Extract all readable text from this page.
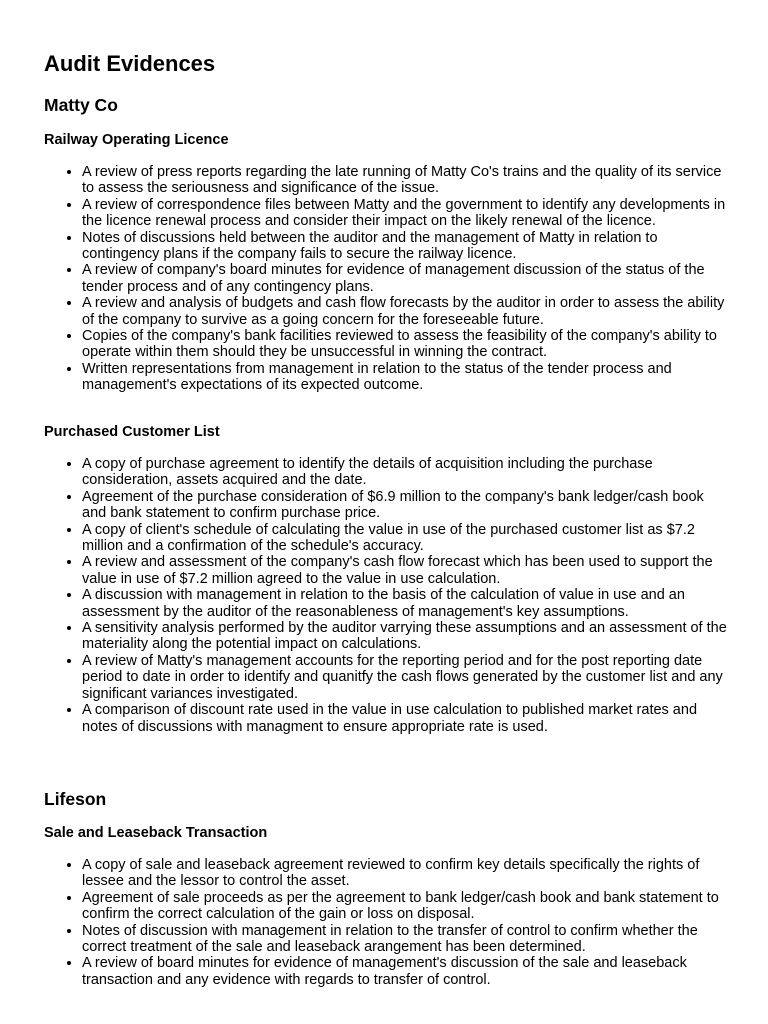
Audit Evidences
Matty Co
Railway Operating Licence
• A review of press reports regarding the late running of Matty Co's trains and the quality of its service to assess the seriousness and significance of the issue.
• A review of correspondence files between Matty and the government to identify any developments in the licence renewal process and consider their impact on the likely renewal of the licence.
• Notes of discussions held between the auditor and the management of Matty in relation to contingency plans if the company fails to secure the railway licence.
• A review of company's board minutes for evidence of management discussion of the status of the tender process and of any contingency plans.
• A review and analysis of budgets and cash flow forecasts by the auditor in order to assess the ability of the company to survive as a going concern for the foreseeable future.
• Copies of the company's bank facilities reviewed to assess the feasibility of the company's ability to operate within them should they be unsuccessful in winning the contract.
• Written representations from management in relation to the status of the tender process and management's expectations of its expected outcome.
Purchased Customer List
• A copy of purchase agreement to identify the details of acquisition including the purchase consideration, assets acquired and the date.
• Agreement of the purchase consideration of $6.9 million to the company's bank ledger/cash book and bank statement to confirm purchase price.
• A copy of client's schedule of calculating the value in use of the purchased customer list as $7.2 million and a confirmation of the schedule's accuracy.
• A review and assessment of the company's cash flow forecast which has been used to support the value in use of $7.2 million agreed to the value in use calculation.
• A discussion with management in relation to the basis of the calculation of value in use and an assessment by the auditor of the reasonableness of management's key assumptions.
• A sensitivity analysis performed by the auditor varrying these assumptions and an assessment of the materiality along the potential impact on calculations.
• A review of Matty's management accounts for the reporting period and for the post reporting date period to date in order to identify and quanitfy the cash flows generated by the customer list and any significant variances investigated.
• A comparison of discount rate used in the value in use calculation to published market rates and notes of discussions with managment to ensure appropriate rate is used.
Lifeson
Sale and Leaseback Transaction
• A copy of sale and leaseback agreement reviewed to confirm key details specifically the rights of lessee and the lessor to control the asset.
• Agreement of sale proceeds as per the agreement to bank ledger/cash book and bank statement to confirm the correct calculation of the gain or loss on disposal.
• Notes of discussion with management in relation to the transfer of control to confirm whether the correct treatment of the sale and leaseback arangement has been determined.
• A review of board minutes for evidence of management's discussion of the sale and leaseback transaction and any evidence with regards to transfer of control.
